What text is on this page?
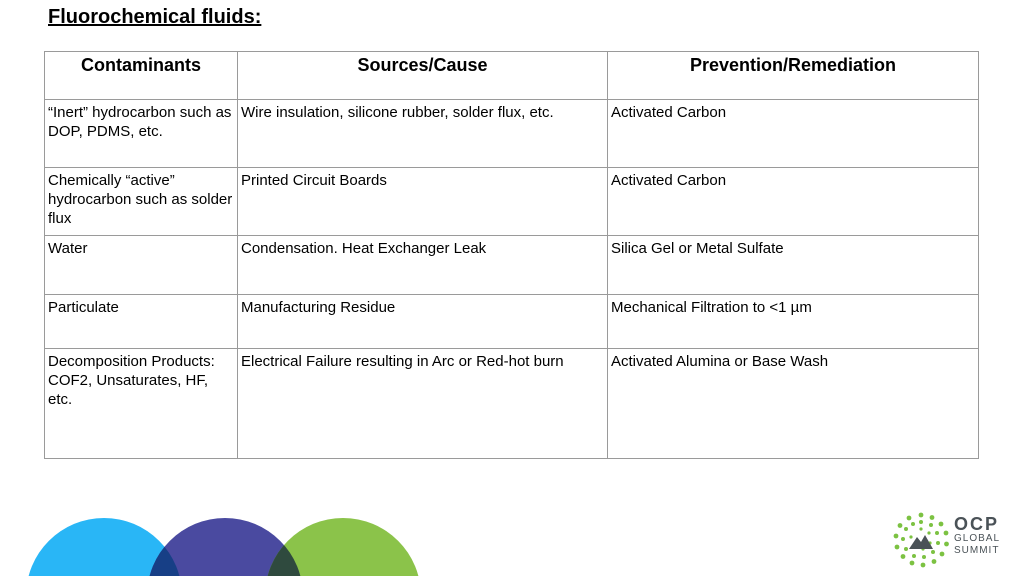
Fluorochemical fluids:
Contaminants	Sources/Cause	Prevention/Remediation
“Inert” hydrocarbon such as DOP, PDMS, etc.	Wire insulation, silicone rubber, solder flux, etc.	Activated Carbon
Chemically “active” hydrocarbon such as solder flux	Printed Circuit Boards	Activated Carbon
Water	Condensation. Heat Exchanger Leak	Silica Gel or Metal Sulfate
Particulate	Manufacturing Residue	Mechanical Filtration to <1 µm
Decomposition Products: COF2, Unsaturates, HF, etc.	Electrical Failure resulting in Arc or Red-hot burn	Activated Alumina or Base Wash
OCP
GLOBAL
SUMMIT
